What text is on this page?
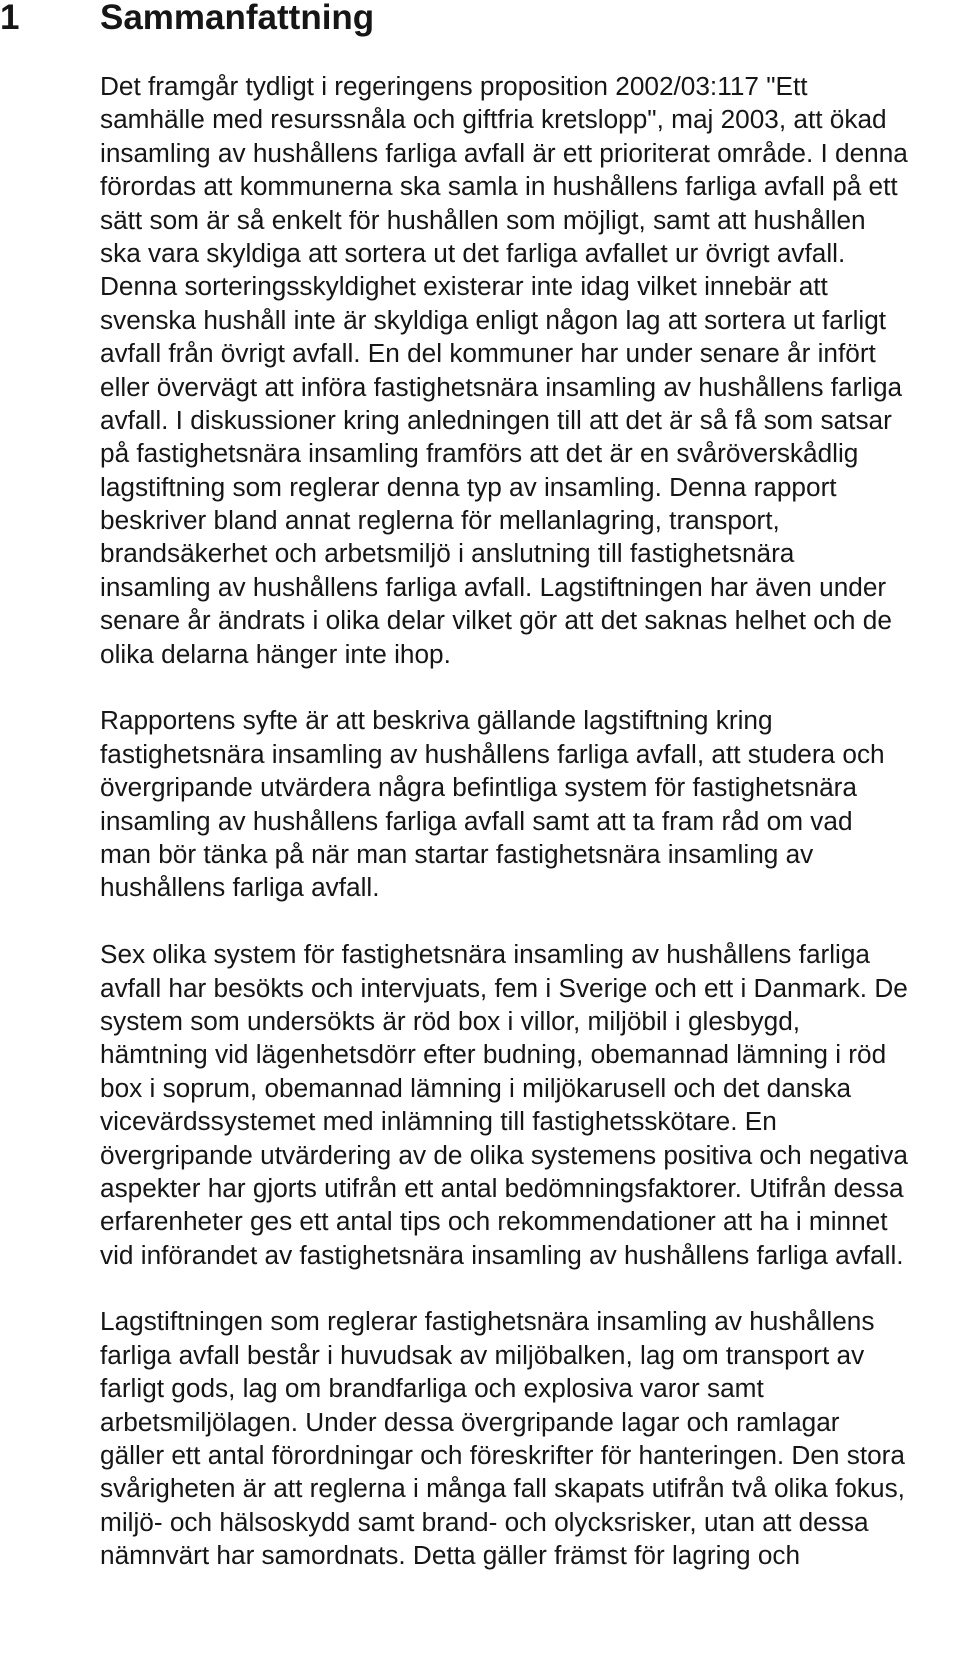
1 Sammanfattning
Det framgår tydligt i regeringens proposition 2002/03:117 "Ett
samhälle med resurssnåla och giftfria kretslopp", maj 2003, att ökad
insamling av hushållens farliga avfall är ett prioriterat område. I denna
förordas att kommunerna ska samla in hushållens farliga avfall på ett
sätt som är så enkelt för hushållen som möjligt, samt att hushållen
ska vara skyldiga att sortera ut det farliga avfallet ur övrigt avfall.
Denna sorteringsskyldighet existerar inte idag vilket innebär att
svenska hushåll inte är skyldiga enligt någon lag att sortera ut farligt
avfall från övrigt avfall. En del kommuner har under senare år infört
eller övervägt att införa fastighetsnära insamling av hushållens farliga
avfall. I diskussioner kring anledningen till att det är så få som satsar
på fastighetsnära insamling framförs att det är en svåröverskådlig
lagstiftning som reglerar denna typ av insamling. Denna rapport
beskriver bland annat reglerna för mellanlagring, transport,
brandsäkerhet och arbetsmiljö i anslutning till fastighetsnära
insamling av hushållens farliga avfall. Lagstiftningen har även under
senare år ändrats i olika delar vilket gör att det saknas helhet och de
olika delarna hänger inte ihop.
Rapportens syfte är att beskriva gällande lagstiftning kring
fastighetsnära insamling av hushållens farliga avfall, att studera och
övergripande utvärdera några befintliga system för fastighetsnära
insamling av hushållens farliga avfall samt att ta fram råd om vad
man bör tänka på när man startar fastighetsnära insamling av
hushållens farliga avfall.
Sex olika system för fastighetsnära insamling av hushållens farliga
avfall har besökts och intervjuats, fem i Sverige och ett i Danmark. De
system som undersökts är röd box i villor, miljöbil i glesbygd,
hämtning vid lägenhetsdörr efter budning, obemannad lämning i röd
box i soprum, obemannad lämning i miljökarusell och det danska
vicevärdssystemet med inlämning till fastighetsskötare. En
övergripande utvärdering av de olika systemens positiva och negativa
aspekter har gjorts utifrån ett antal bedömningsfaktorer. Utifrån dessa
erfarenheter ges ett antal tips och rekommendationer att ha i minnet
vid införandet av fastighetsnära insamling av hushållens farliga avfall.
Lagstiftningen som reglerar fastighetsnära insamling av hushållens
farliga avfall består i huvudsak av miljöbalken, lag om transport av
farligt gods, lag om brandfarliga och explosiva varor samt
arbetsmiljölagen. Under dessa övergripande lagar och ramlagar
gäller ett antal förordningar och föreskrifter för hanteringen. Den stora
svårigheten är att reglerna i många fall skapats utifrån två olika fokus,
miljö- och hälsoskydd samt brand- och olycksrisker, utan att dessa
nämnvärt har samordnats. Detta gäller främst för lagring och
